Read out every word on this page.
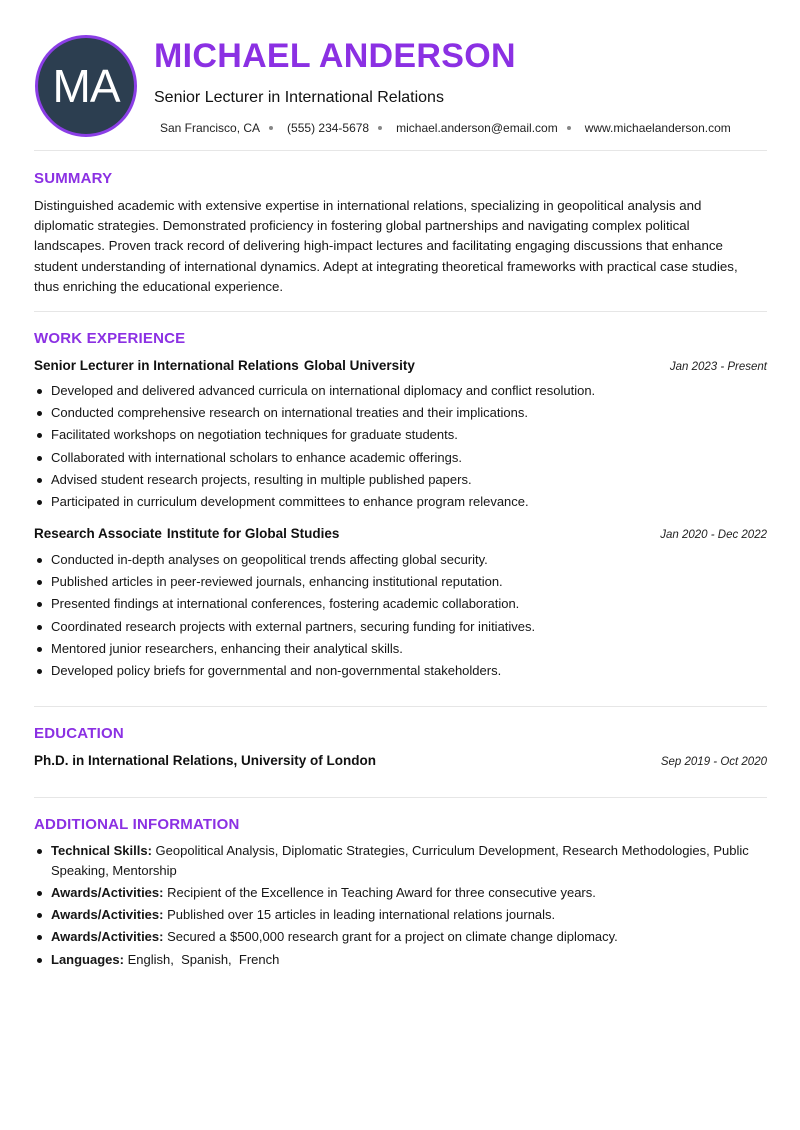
MA
MICHAEL ANDERSON
Senior Lecturer in International Relations
San Francisco, CA (555) 234-5678 michael.anderson@email.com www.michaelanderson.com
SUMMARY

Distinguished academic with extensive expertise in international relations, specializing in geopolitical analysis and diplomatic strategies. Demonstrated proficiency in fostering global partnerships and navigating complex political landscapes. Proven track record of delivering high-impact lectures and facilitating engaging discussions that enhance student understanding of international dynamics. Adept at integrating theoretical frameworks with practical case studies, thus enriching the educational experience.

WORK EXPERIENCE
Senior Lecturer in International Relations Global University	Jan 2023 - Present
Developed and delivered advanced curricula on international diplomacy and conflict resolution.
Conducted comprehensive research on international treaties and their implications.
Facilitated workshops on negotiation techniques for graduate students.
Collaborated with international scholars to enhance academic offerings.
Advised student research projects, resulting in multiple published papers.
Participated in curriculum development committees to enhance program relevance.
Research Associate Institute for Global Studies	Jan 2020 - Dec 2022
Conducted in-depth analyses on geopolitical trends affecting global security.
Published articles in peer-reviewed journals, enhancing institutional reputation.
Presented findings at international conferences, fostering academic collaboration.
Coordinated research projects with external partners, securing funding for initiatives.
Mentored junior researchers, enhancing their analytical skills.
Developed policy briefs for governmental and non-governmental stakeholders.
EDUCATION
Ph.D. in International Relations, University of London	Sep 2019 - Oct 2020
ADDITIONAL INFORMATION
Technical Skills: Geopolitical Analysis, Diplomatic Strategies, Curriculum Development, Research Methodologies, Public Speaking, Mentorship
Awards/Activities: Recipient of the Excellence in Teaching Award for three consecutive years.
Awards/Activities: Published over 15 articles in leading international relations journals.
Awards/Activities: Secured a $500,000 research grant for a project on climate change diplomacy.
Languages: English,  Spanish,  French
